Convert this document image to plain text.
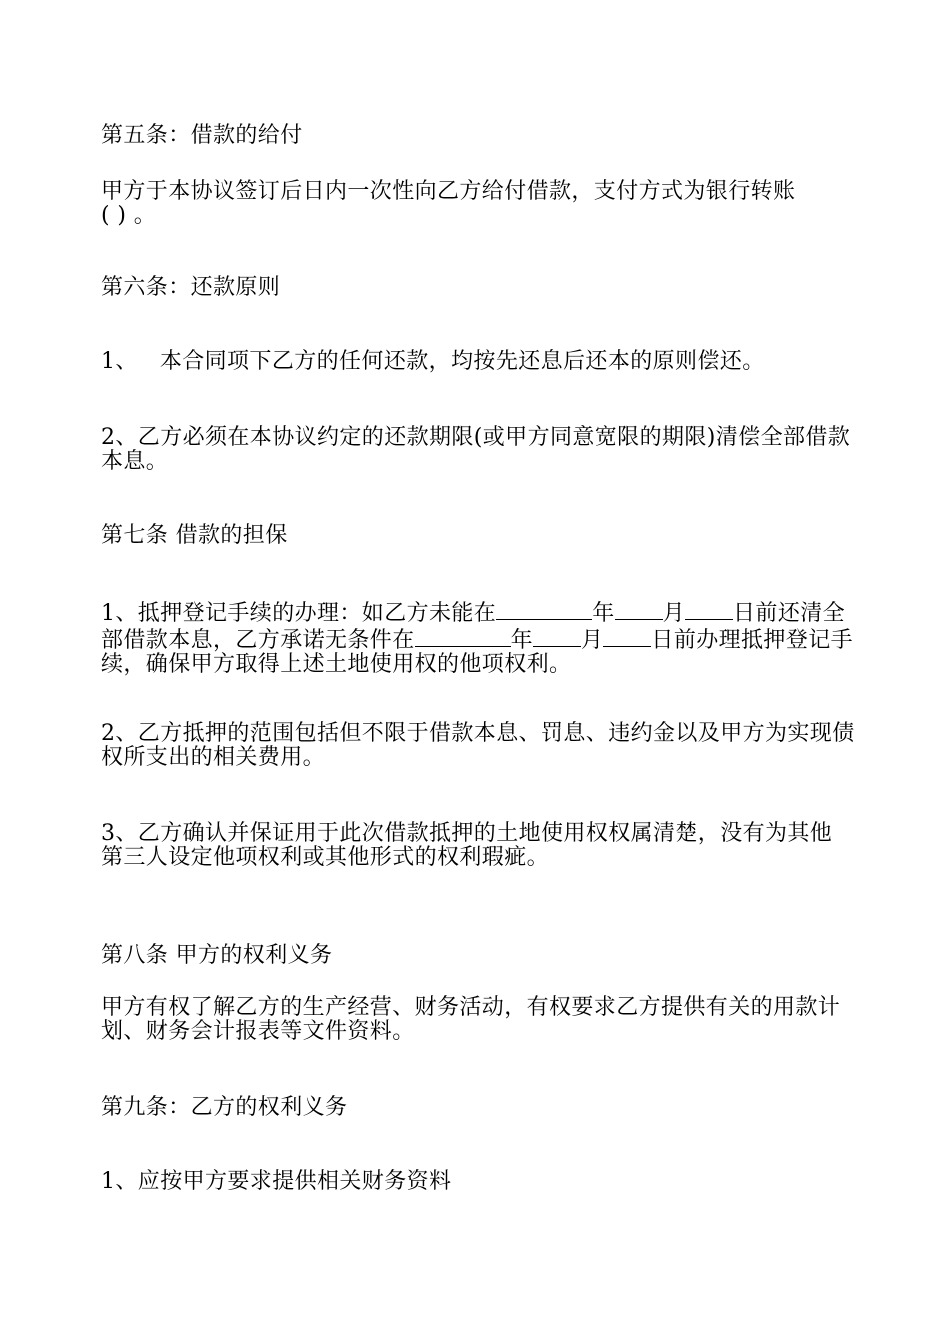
第五条：借款的给付

甲方于本协议签订后日内一次性向乙方给付借款，支付方式为银行转账
( ) 。

第六条：还款原则

1、 本合同项下乙方的任何还款，均按先还息后还本的原则偿还。

2、乙方必须在本协议约定的还款期限(或甲方同意宽限的期限)清偿全部借款本息。

第七条 借款的担保

1、抵押登记手续的办理：如乙方未能在	年 月 日前还清全部借款本息，乙方承诺无条件在	年 月 日前办理抵押登记手续，确保甲方取得上述土地使用权的他项权利。

2、乙方抵押的范围包括但不限于借款本息、罚息、违约金以及甲方为实现债权所支出的相关费用。

3、乙方确认并保证用于此次借款抵押的土地使用权权属清楚，没有为其他
第三人设定他项权利或其他形式的权利瑕疵。

第八条 甲方的权利义务

甲方有权了解乙方的生产经营、财务活动，有权要求乙方提供有关的用款计划、财务会计报表等文件资料。

第九条：乙方的权利义务

1、应按甲方要求提供相关财务资料
